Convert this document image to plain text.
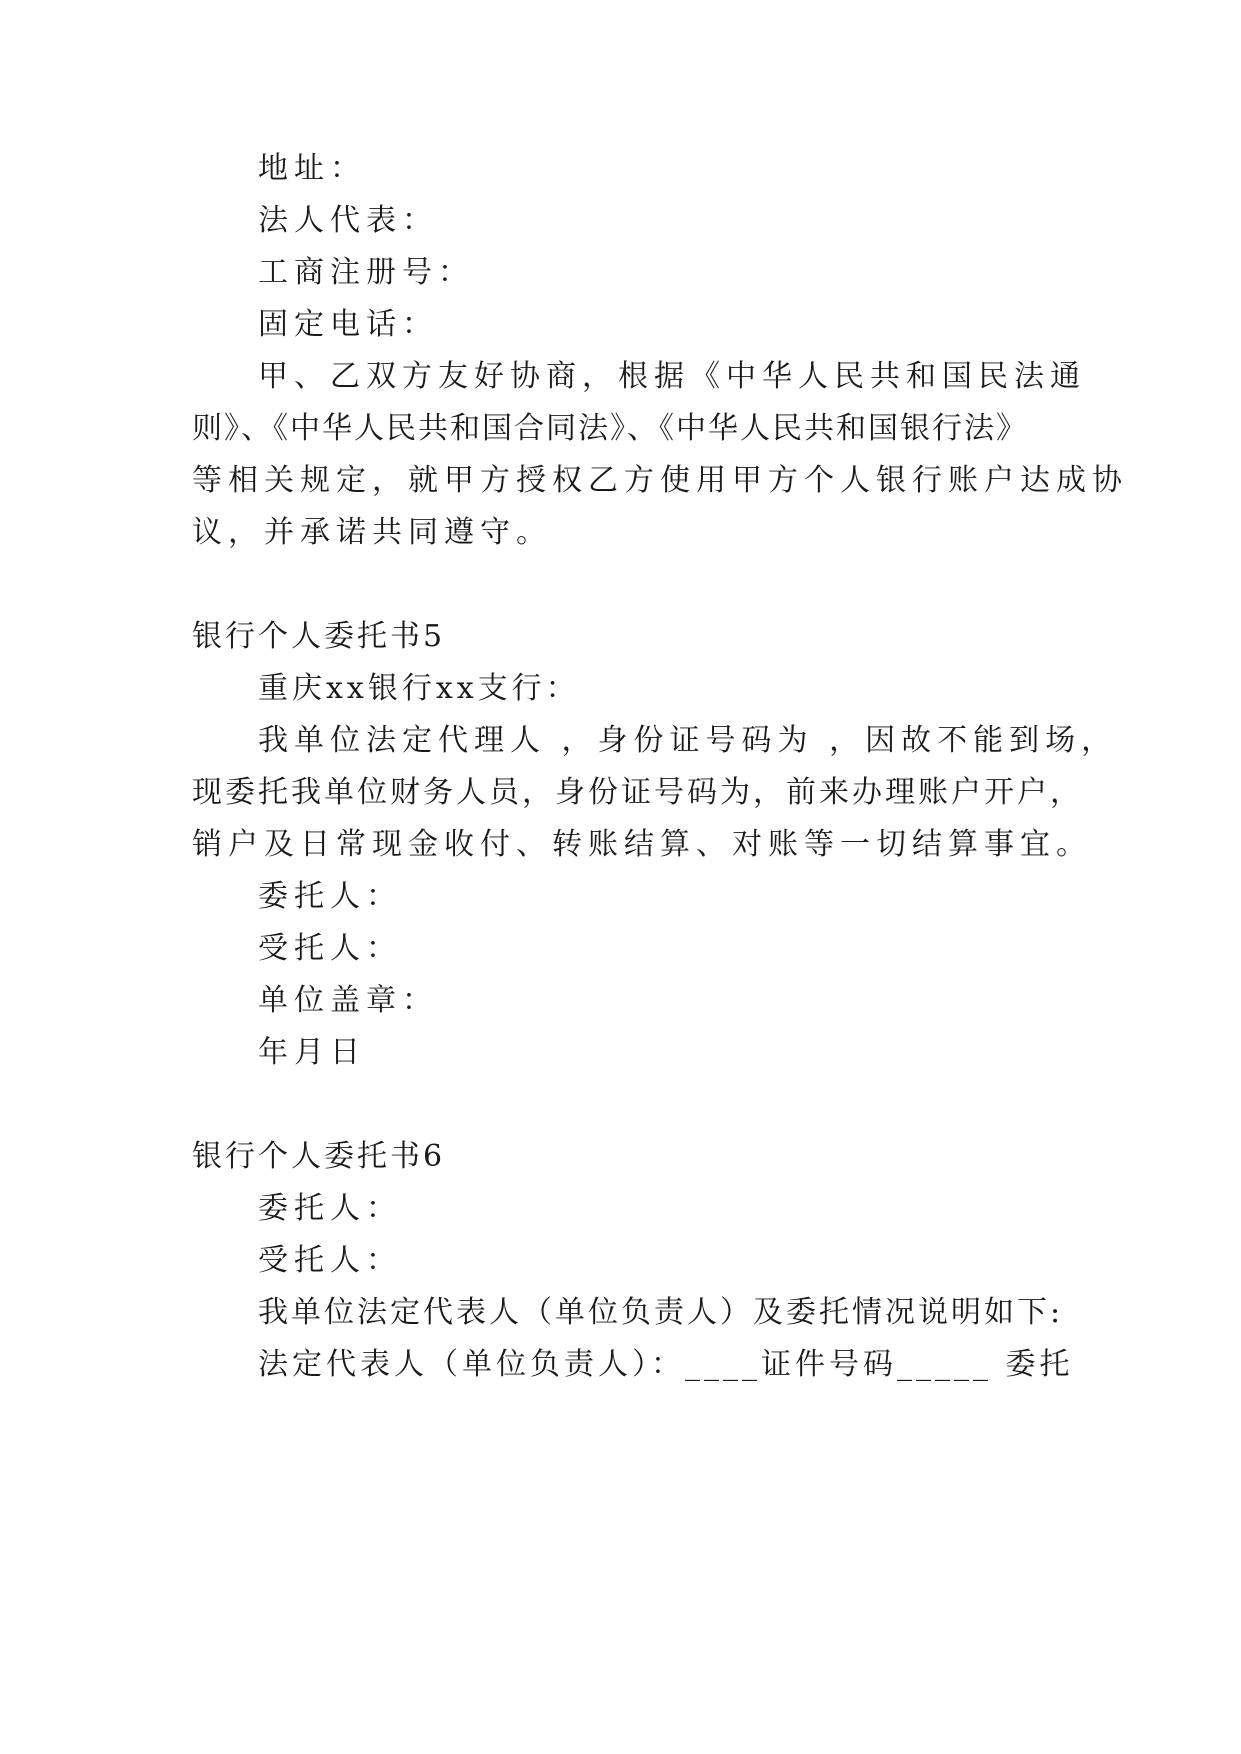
地址：
法人代表：
工商注册号：
固定电话：
甲、乙双方友好协商，根据《中华人民共和国民法通
则》、《中华人民共和国合同法》、《中华人民共和国银行法》
等相关规定，就甲方授权乙方使用甲方个人银行账户达成协
议，并承诺共同遵守。
银行个人委托书5
重庆xx银行xx支行：
我单位法定代理人 ，身份证号码为 ，因故不能到场，
现委托我单位财务人员，身份证号码为，前来办理账户开户，
销户及日常现金收付、转账结算、对账等一切结算事宜。
委托人：
受托人：
单位盖章：
年月日
银行个人委托书6
委托人：
受托人：
我单位法定代表人（单位负责人）及委托情况说明如下:
法定代表人（单位负责人）：____证件号码_____ 委托
